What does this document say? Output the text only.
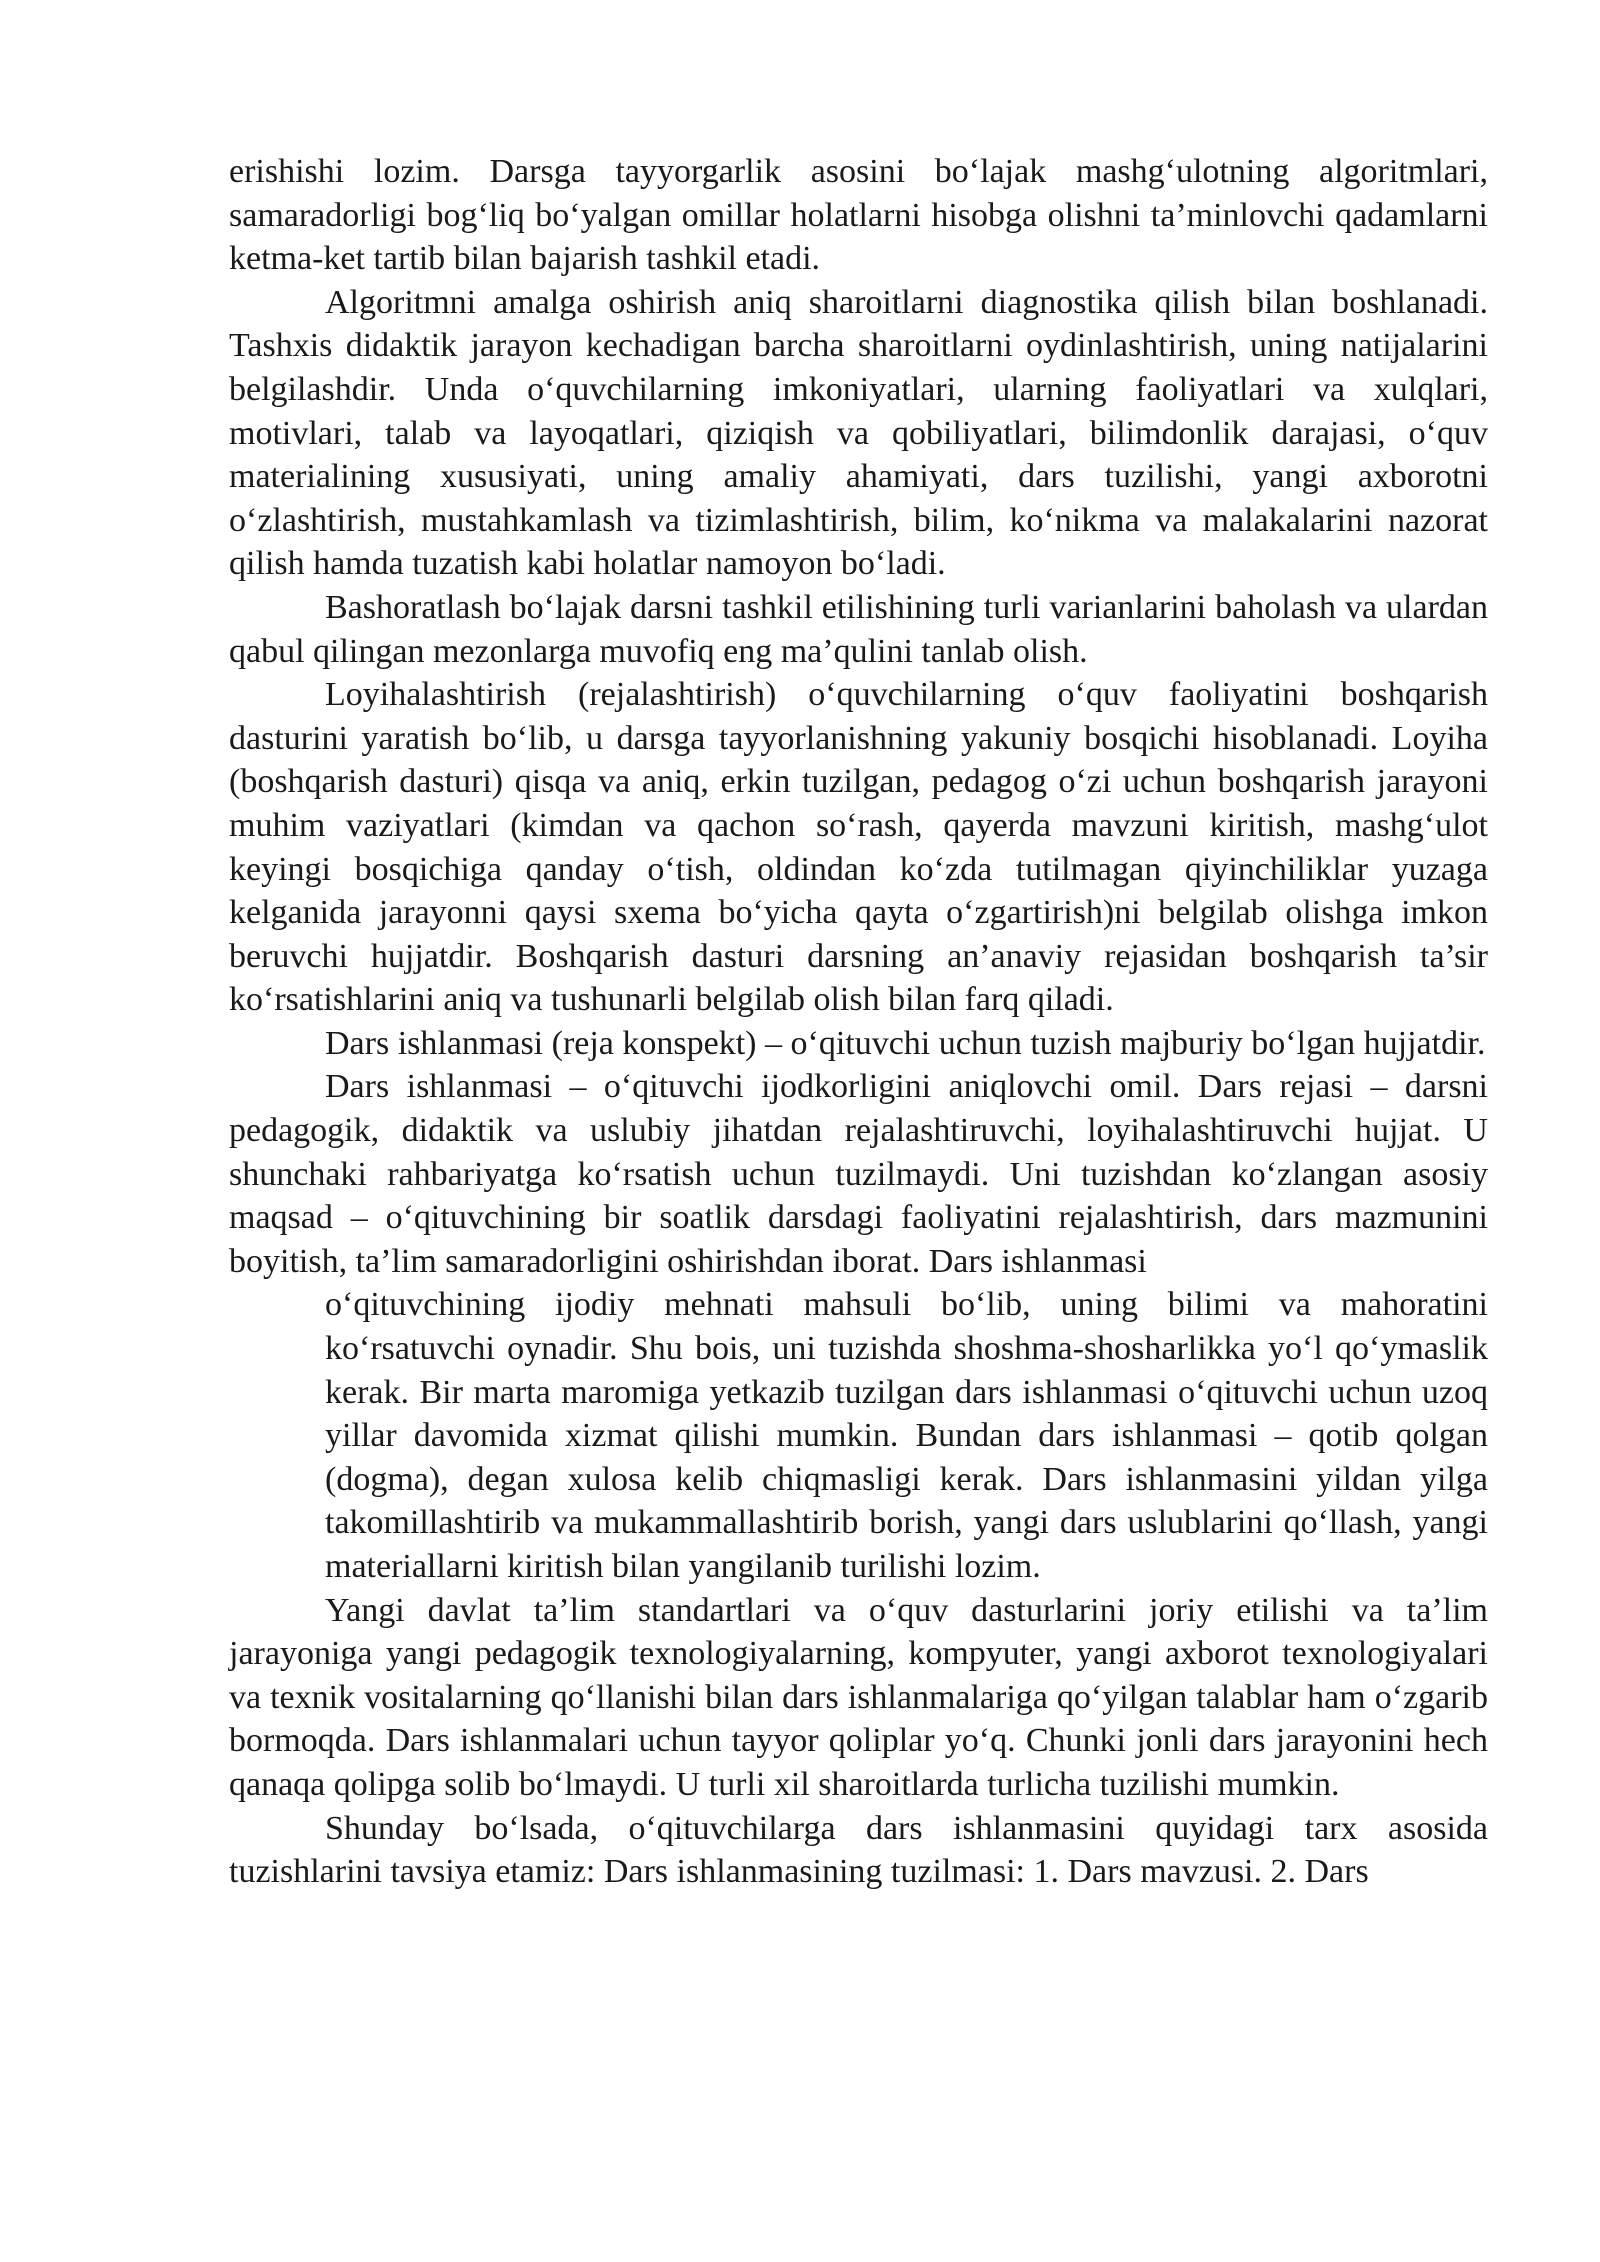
erishishi lozim. Darsga tayyorgarlik asosini bo‘lajak mashg‘ulotning algoritmlari, samaradorligi bog‘liq bo‘yalgan omillar holatlarni hisobga olishni ta’minlovchi qadamlarni ketma-ket tartib bilan bajarish tashkil etadi.

Algoritmni amalga oshirish aniq sharoitlarni diagnostika qilish bilan boshlanadi. Tashxis didaktik jarayon kechadigan barcha sharoitlarni oydinlashtirish, uning natijalarini belgilashdir. Unda o‘quvchilarning imkoniyatlari, ularning faoliyatlari va xulqlari, motivlari, talab va layoqatlari, qiziqish va qobiliyatlari, bilimdonlik darajasi, o‘quv materialining xususiyati, uning amaliy ahamiyati, dars tuzilishi, yangi axborotni o‘zlashtirish, mustahkamlash va tizimlashtirish, bilim, ko‘nikma va malakalarini nazorat qilish hamda tuzatish kabi holatlar namoyon bo‘ladi.

Bashoratlash bo‘lajak darsni tashkil etilishining turli varianlarini baholash va ulardan qabul qilingan mezonlarga muvofiq eng ma’qulini tanlab olish.

Loyihalashtirish (rejalashtirish) o‘quvchilarning o‘quv faoliyatini boshqarish dasturini yaratish bo‘lib, u darsga tayyorlanishning yakuniy bosqichi hisoblanadi. Loyiha (boshqarish dasturi) qisqa va aniq, erkin tuzilgan, pedagog o‘zi uchun boshqarish jarayoni muhim vaziyatlari (kimdan va qachon so‘rash, qayerda mavzuni kiritish, mashg‘ulot keyingi bosqichiga qanday o‘tish, oldindan ko‘zda tutilmagan qiyinchiliklar yuzaga kelganida jarayonni qaysi sxema bo‘yicha qayta o‘zgartirish)ni belgilab olishga imkon beruvchi hujjatdir. Boshqarish dasturi darsning an’anaviy rejasidan boshqarish ta’sir ko‘rsatishlarini aniq va tushunarli belgilab olish bilan farq qiladi.

Dars ishlanmasi (reja konspekt) – o‘qituvchi uchun tuzish majburiy bo‘lgan hujjatdir.

Dars ishlanmasi – o‘qituvchi ijodkorligini aniqlovchi omil. Dars rejasi – darsni pedagogik, didaktik va uslubiy jihatdan rejalashtiruvchi, loyihalashtiruvchi hujjat. U shunchaki rahbariyatga ko‘rsatish uchun tuzilmaydi. Uni tuzishdan ko‘zlangan asosiy maqsad – o‘qituvchining bir soatlik darsdagi faoliyatini rejalashtirish, dars mazmunini boyitish, ta’lim samaradorligini oshirishdan iborat. Dars ishlanmasi

o‘qituvchining ijodiy mehnati mahsuli bo‘lib, uning bilimi va mahoratini ko‘rsatuvchi oynadir. Shu bois, uni tuzishda shoshma-shosharlikka yo‘l qo‘ymaslik kerak. Bir marta maromiga yetkazib tuzilgan dars ishlanmasi o‘qituvchi uchun uzoq yillar davomida xizmat qilishi mumkin. Bundan dars ishlanmasi – qotib qolgan (dogma), degan xulosa kelib chiqmasligi kerak. Dars ishlanmasini yildan yilga takomillashtirib va mukammallashtirib borish, yangi dars uslublarini qo‘llash, yangi materiallarni kiritish bilan yangilanib turilishi lozim.

Yangi davlat ta’lim standartlari va o‘quv dasturlarini joriy etilishi va ta’lim jarayoniga yangi pedagogik texnologiyalarning, kompyuter, yangi axborot texnologiyalari va texnik vositalarning qo‘llanishi bilan dars ishlanmalariga qo‘yilgan talablar ham o‘zgarib bormoqda. Dars ishlanmalari uchun tayyor qoliplar yo‘q. Chunki jonli dars jarayonini hech qanaqa qolipga solib bo‘lmaydi. U turli xil sharoitlarda turlicha tuzilishi mumkin.

Shunday bo‘lsada, o‘qituvchilarga dars ishlanmasini quyidagi tarx asosida tuzishlarini tavsiya etamiz: Dars ishlanmasining tuzilmasi: 1. Dars mavzusi. 2. Dars
